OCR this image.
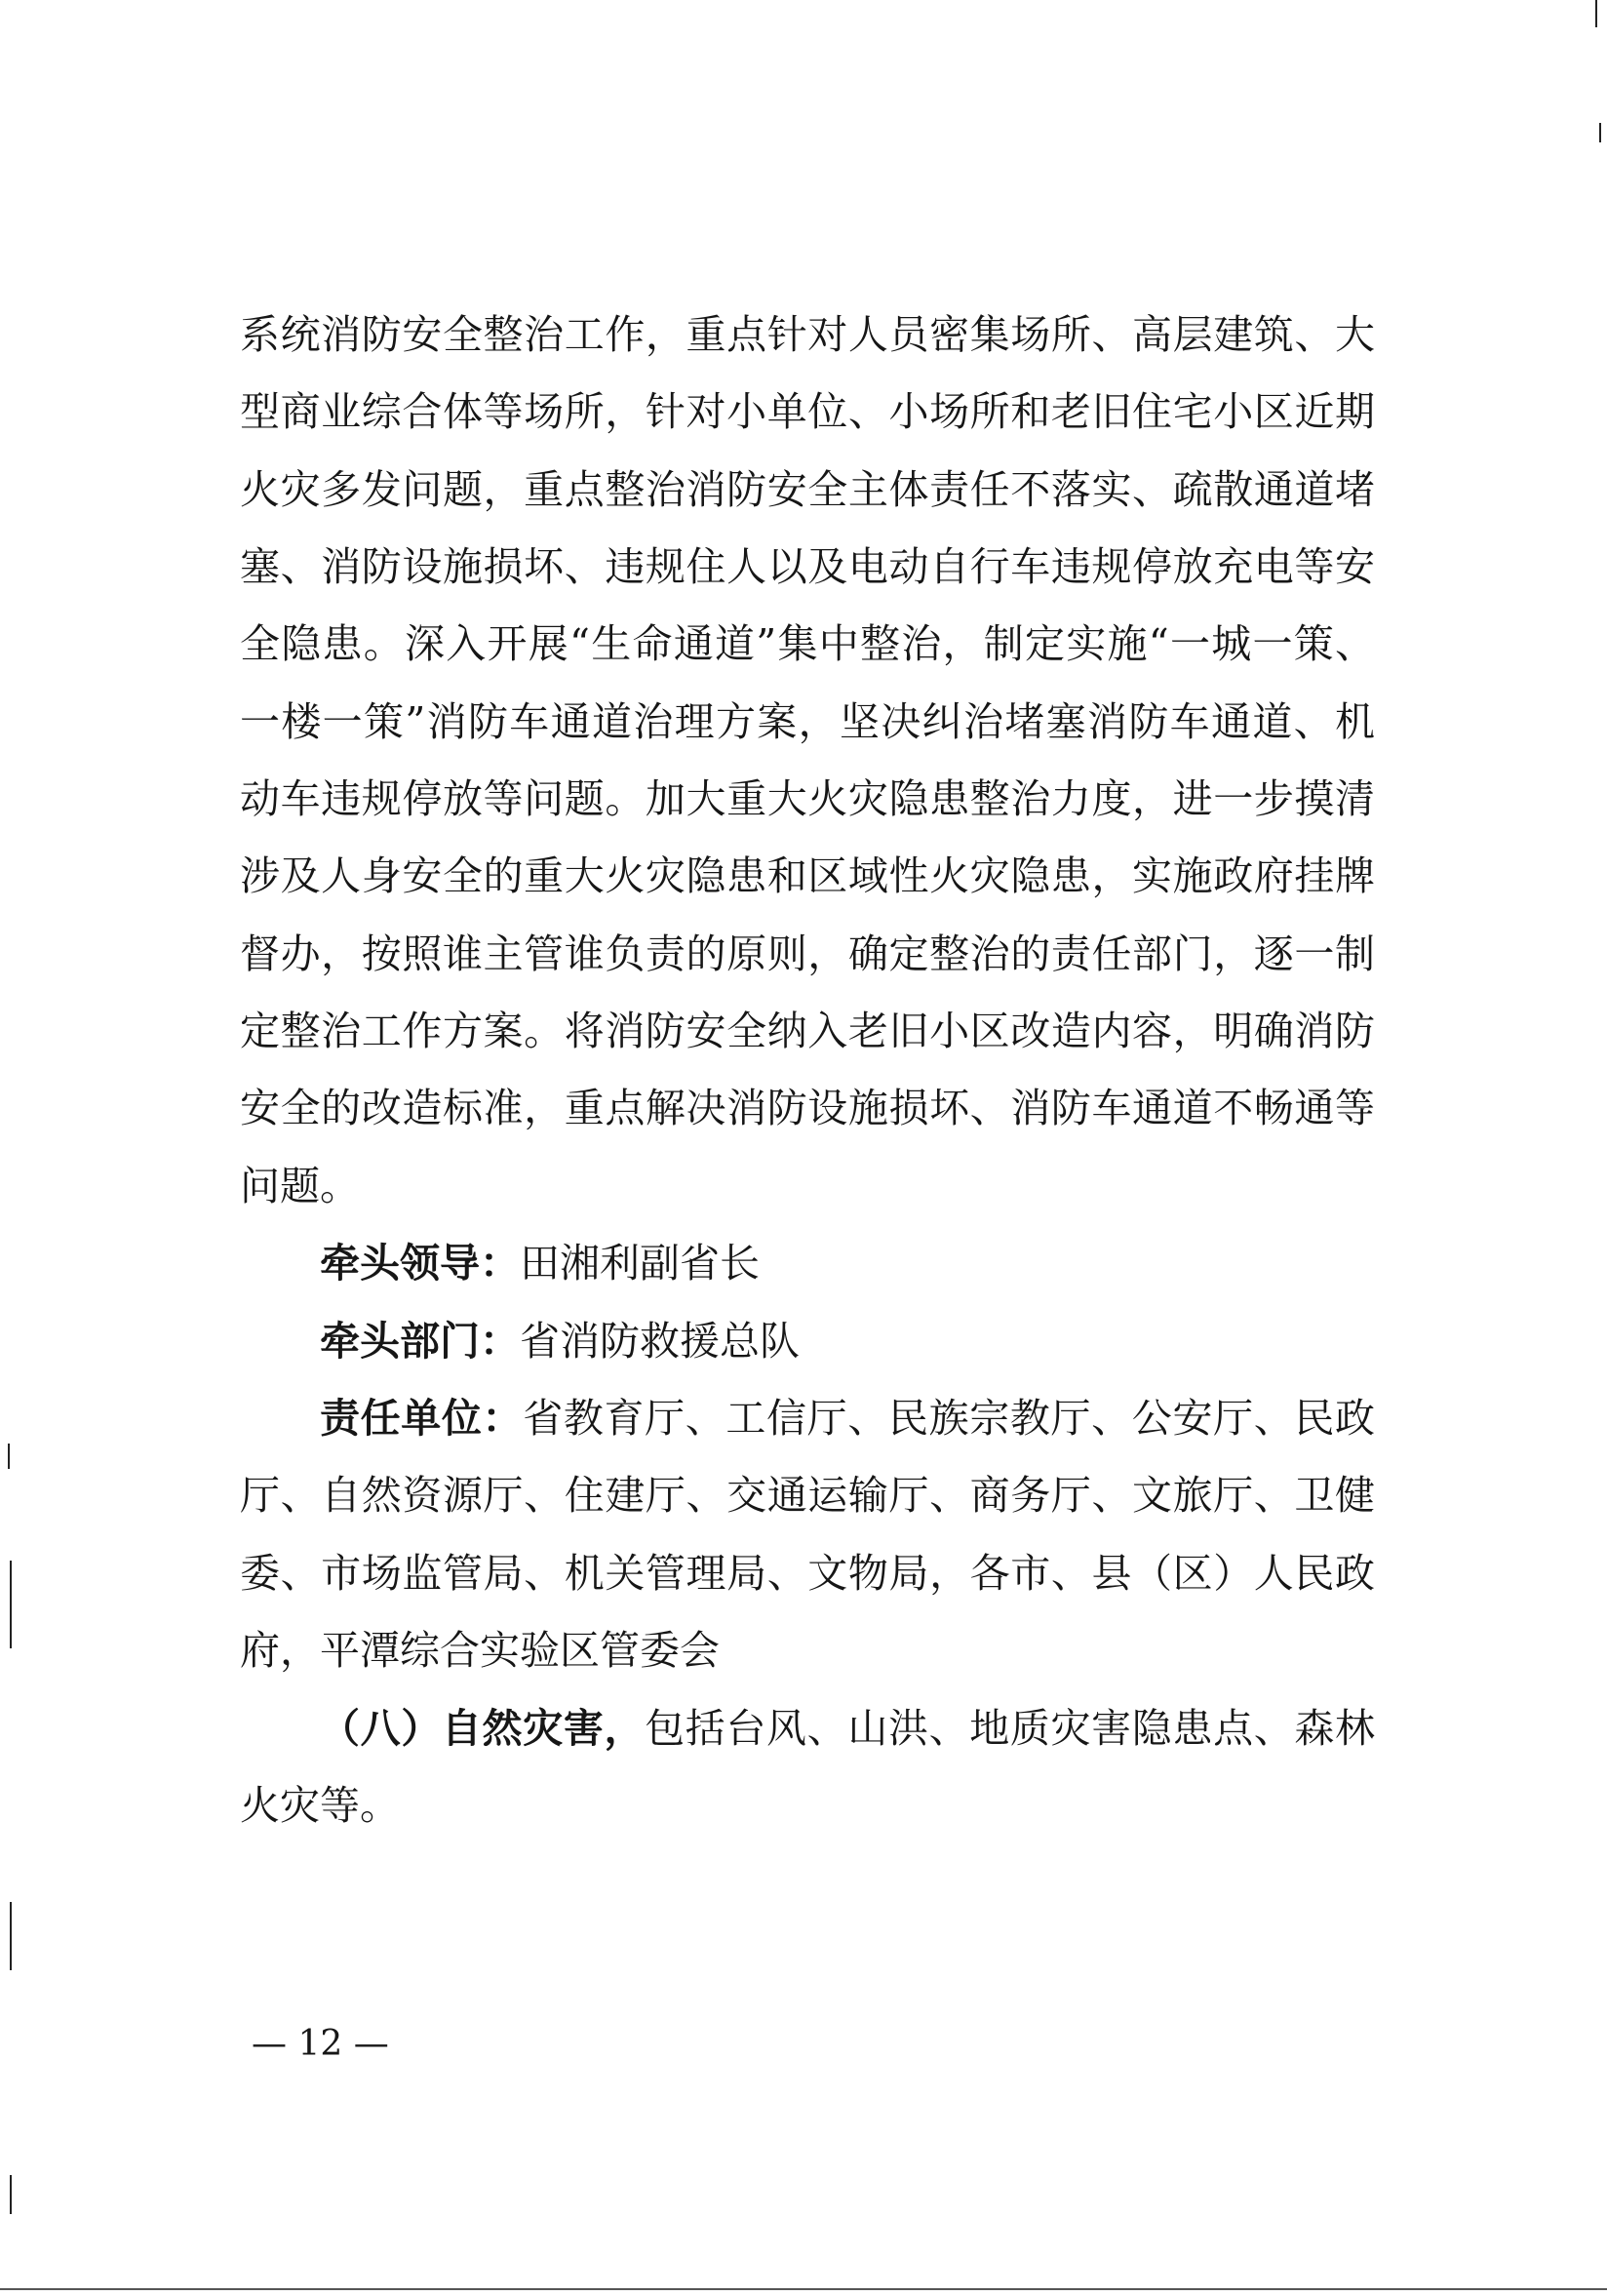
系统消防安全整治工作，重点针对人员密集场所、高层建筑、大
型商业综合体等场所，针对小单位、小场所和老旧住宅小区近期
火灾多发问题，重点整治消防安全主体责任不落实、疏散通道堵
塞、消防设施损坏、违规住人以及电动自行车违规停放充电等安
全隐患。深入开展“生命通道”集中整治，制定实施“一城一策、
一楼一策”消防车通道治理方案，坚决纠治堵塞消防车通道、机
动车违规停放等问题。加大重大火灾隐患整治力度，进一步摸清
涉及人身安全的重大火灾隐患和区域性火灾隐患，实施政府挂牌
督办，按照谁主管谁负责的原则，确定整治的责任部门，逐一制
定整治工作方案。将消防安全纳入老旧小区改造内容，明确消防
安全的改造标准，重点解决消防设施损坏、消防车通道不畅通等
问题。
牵头领导：田湘利副省长
牵头部门：省消防救援总队
责任单位：省教育厅、工信厅、民族宗教厅、公安厅、民政
厅、自然资源厅、住建厅、交通运输厅、商务厅、文旅厅、卫健
委、市场监管局、机关管理局、文物局，各市、县（区）人民政
府，平潭综合实验区管委会
（八）自然灾害，包括台风、山洪、地质灾害隐患点、森林
火灾等。
— 12 —
